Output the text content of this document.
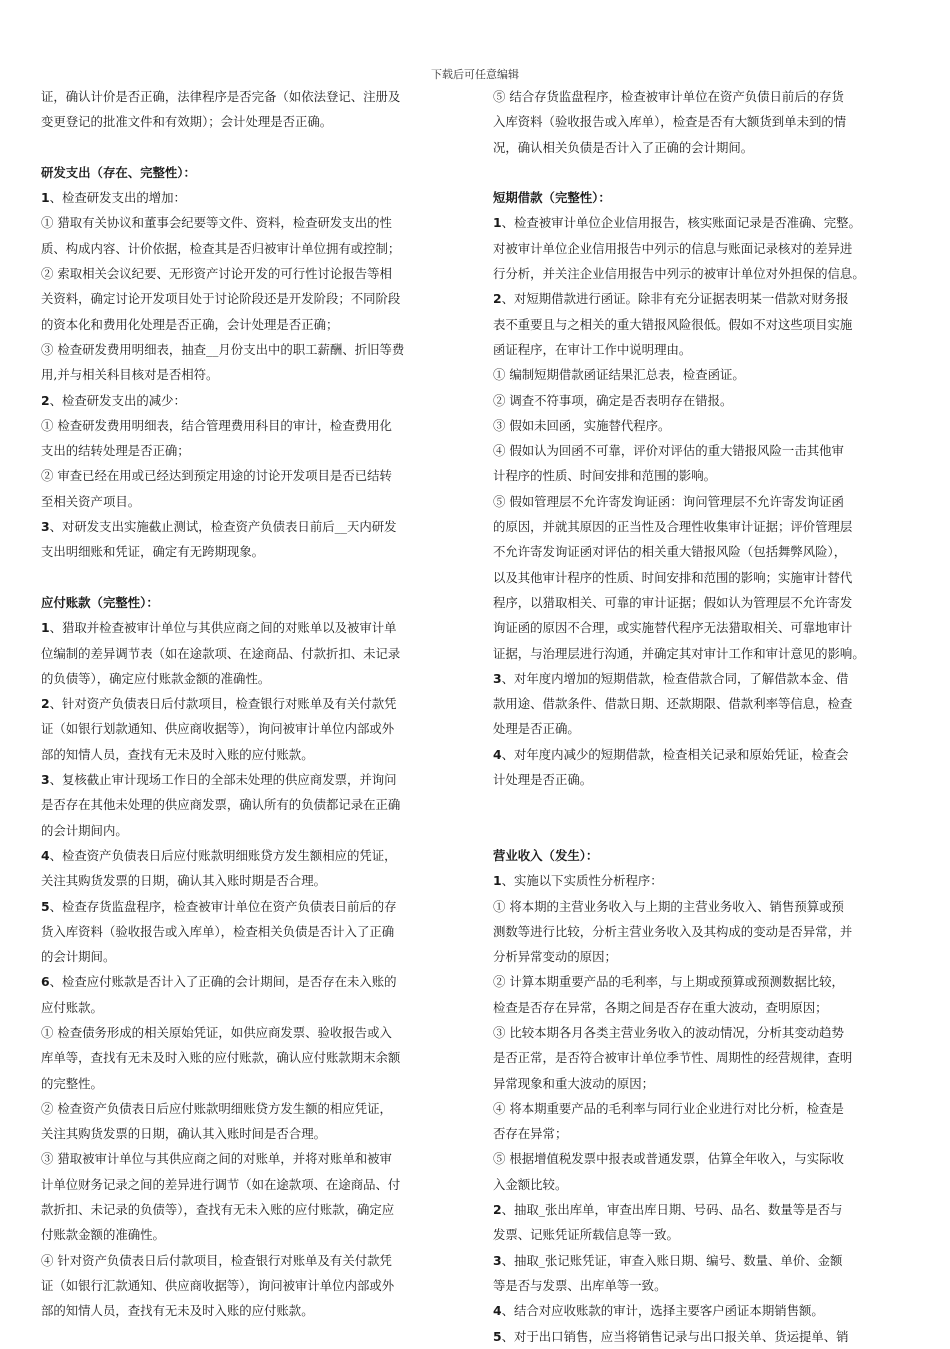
下载后可任意编辑
证，确认计价是否正确，法律程序是否完备（如依法登记、注册及
变更登记的批准文件和有效期）；会计处理是否正确。
研发支出（存在、完整性）：
1、检查研发支出的增加：
① 猎取有关协议和董事会纪要等文件、资料，检查研发支出的性
质、构成内容、计价依据，检查其是否归被审计单位拥有或控制；
② 索取相关会议纪要、无形资产讨论开发的可行性讨论报告等相
关资料，确定讨论开发项目处于讨论阶段还是开发阶段；不同阶段
的资本化和费用化处理是否正确，会计处理是否正确；
③ 检查研发费用明细表，抽查__月份支出中的职工薪酬、折旧等费
用,并与相关科目核对是否相符。
2、检查研发支出的减少：
① 检查研发费用明细表，结合管理费用科目的审计，检查费用化
支出的结转处理是否正确；
② 审查已经在用或已经达到预定用途的讨论开发项目是否已结转
至相关资产项目。
3、对研发支出实施截止测试，检查资产负债表日前后__天内研发
支出明细账和凭证，确定有无跨期现象。
应付账款（完整性）：
1、猎取并检查被审计单位与其供应商之间的对账单以及被审计单
位编制的差异调节表（如在途款项、在途商品、付款折扣、未记录
的负债等），确定应付账款金额的准确性。
2、针对资产负债表日后付款项目，检查银行对账单及有关付款凭
证（如银行划款通知、供应商收据等），询问被审计单位内部或外
部的知情人员，查找有无未及时入账的应付账款。
3、复核截止审计现场工作日的全部未处理的供应商发票，并询问
是否存在其他未处理的供应商发票，确认所有的负债都记录在正确
的会计期间内。
4、检查资产负债表日后应付账款明细账贷方发生额相应的凭证，
关注其购货发票的日期，确认其入账时期是否合理。
5、检查存货监盘程序，检查被审计单位在资产负债表日前后的存
货入库资料（验收报告或入库单），检查相关负债是否计入了正确
的会计期间。
6、检查应付账款是否计入了正确的会计期间，是否存在未入账的
应付账款。
① 检查债务形成的相关原始凭证，如供应商发票、验收报告或入
库单等，查找有无未及时入账的应付账款，确认应付账款期末余额
的完整性。
② 检查资产负债表日后应付账款明细账贷方发生额的相应凭证，
关注其购货发票的日期，确认其入账时间是否合理。
③ 猎取被审计单位与其供应商之间的对账单，并将对账单和被审
计单位财务记录之间的差异进行调节（如在途款项、在途商品、付
款折扣、未记录的负债等），查找有无未入账的应付账款，确定应
付账款金额的准确性。
④ 针对资产负债表日后付款项目，检查银行对账单及有关付款凭
证（如银行汇款通知、供应商收据等），询问被审计单位内部或外
部的知情人员，查找有无未及时入账的应付账款。
⑤ 结合存货监盘程序，检查被审计单位在资产负债日前后的存货
入库资料（验收报告或入库单），检查是否有大额货到单未到的情
况，确认相关负债是否计入了正确的会计期间。
短期借款（完整性）：
1、检查被审计单位企业信用报告，核实账面记录是否准确、完整。
对被审计单位企业信用报告中列示的信息与账面记录核对的差异进
行分析，并关注企业信用报告中列示的被审计单位对外担保的信息。
2、对短期借款进行函证。除非有充分证据表明某一借款对财务报
表不重要且与之相关的重大错报风险很低。假如不对这些项目实施
函证程序，在审计工作中说明理由。
① 编制短期借款函证结果汇总表，检查函证。
② 调查不符事项，确定是否表明存在错报。
③ 假如未回函，实施替代程序。
④ 假如认为回函不可靠，评价对评估的重大错报风险一击其他审
计程序的性质、时间安排和范围的影响。
⑤ 假如管理层不允许寄发询证函：询问管理层不允许寄发询证函
的原因，并就其原因的正当性及合理性收集审计证据；评价管理层
不允许寄发询证函对评估的相关重大错报风险（包括舞弊风险），
以及其他审计程序的性质、时间安排和范围的影响；实施审计替代
程序，以猎取相关、可靠的审计证据；假如认为管理层不允许寄发
询证函的原因不合理，或实施替代程序无法猎取相关、可靠地审计
证据，与治理层进行沟通，并确定其对审计工作和审计意见的影响。
3、对年度内增加的短期借款，检查借款合同，了解借款本金、借
款用途、借款条件、借款日期、还款期限、借款利率等信息，检查
处理是否正确。
4、对年度内减少的短期借款，检查相关记录和原始凭证，检查会
计处理是否正确。
营业收入（发生）：
1、实施以下实质性分析程序：
① 将本期的主营业务收入与上期的主营业务收入、销售预算或预
测数等进行比较，分析主营业务收入及其构成的变动是否异常，并
分析异常变动的原因；
② 计算本期重要产品的毛利率，与上期或预算或预测数据比较，
检查是否存在异常，各期之间是否存在重大波动，查明原因；
③ 比较本期各月各类主营业务收入的波动情况，分析其变动趋势
是否正常，是否符合被审计单位季节性、周期性的经营规律，查明
异常现象和重大波动的原因；
④ 将本期重要产品的毛利率与同行业企业进行对比分析，检查是
否存在异常；
⑤ 根据增值税发票中报表或普通发票，估算全年收入，与实际收
入金额比较。
2、抽取_张出库单，审查出库日期、号码、品名、数量等是否与
发票、记账凭证所载信息等一致。
3、抽取_张记账凭证，审查入账日期、编号、数量、单价、金额
等是否与发票、出库单等一致。
4、结合对应收账款的审计，选择主要客户函证本期销售额。
5、对于出口销售，应当将销售记录与出口报关单、货运提单、销
